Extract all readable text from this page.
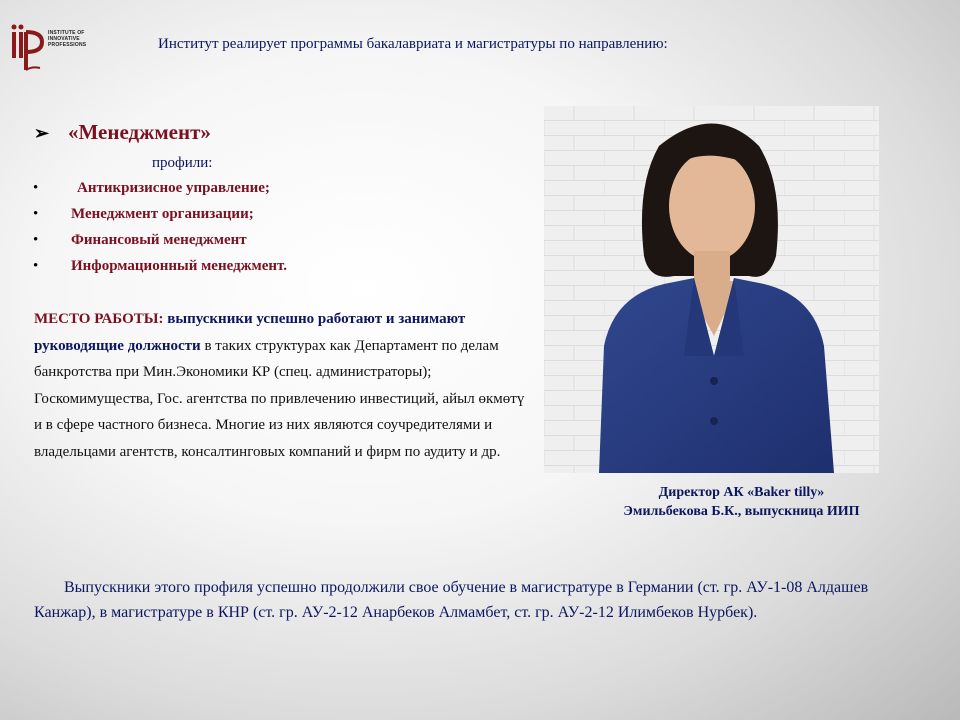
INSTITUTE OF
INNOVATIVE
PROFESSIONS	Институт реалирует программы бакалавриата и магистратуры по направлению:
➢ «Менеджмент»
профили:
•	Антикризисное управление;
• Менеджмент организации;
• Финансовый менеджмент
• Информационный менеджмент.
МЕСТО РАБОТЫ: выпускники успешно работают и занимают руководящие должности в таких структурах как Департамент по делам банкротства при Мин.Экономики КР (спец. администраторы); Госкомимущества, Гос. агентства по привлечению инвестиций, айыл өкмөтү и в сфере частного бизнеса. Многие из них являются соучредителями и владельцами агентств, консалтинговых компаний и фирм по аудиту и др.
Директор АК «Baker tilly»
Эмильбекова Б.К., выпускница ИИП
Выпускники этого профиля успешно продолжили свое обучение в магистратуре в Германии (ст. гр. АУ-1-08 Алдашев Канжар), в магистратуре в КНР (ст. гр. АУ-2-12 Анарбеков Алмамбет, ст. гр. АУ-2-12 Илимбеков Нурбек).
